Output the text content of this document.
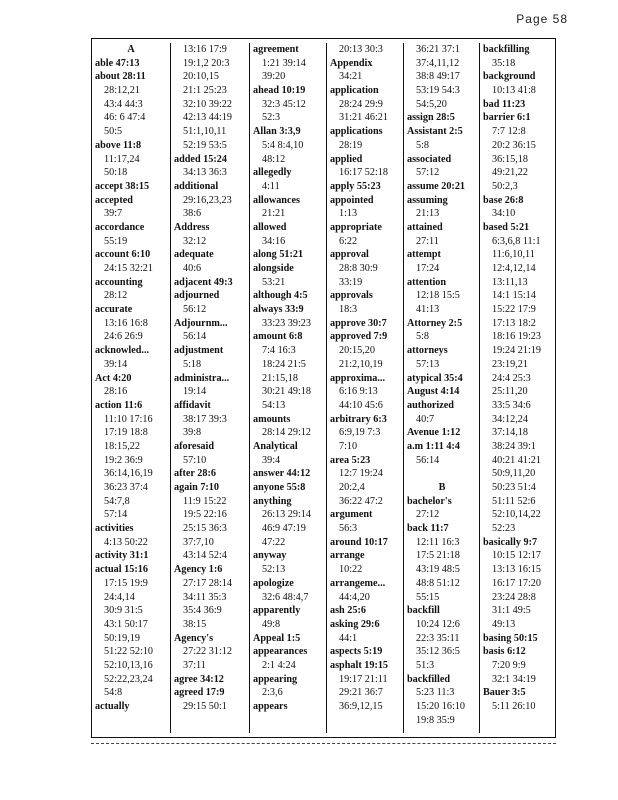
Page 58
A
able 47:13
about 28:11
28:12,21
43:4 44:3
46: 6 47:4
50:5
above 11:8
11:17,24
50:18
accept 38:15
accepted
39:7
accordance
55:19
account 6:10
24:15 32:21
accounting
28:12
accurate
13:16 16:8
24:6 26:9
acknowled...
39:14
Act 4:20
28:16
action 11:6
11:10 17:16
17:19 18:8
18:15,22
19:2 36:9
36:14,16,19
36:23 37:4
54:7,8
57:14
activities
4:13 50:22
activity 31:1
actual 15:16
17:15 19:9
24:4,14
30:9 31:5
43:1 50:17
50:19,19
51:22 52:10
52:10,13,16
52:22,23,24
54:8
actually
13:16 17:9
19:1,2 20:3
20:10,15
21:1 25:23
32:10 39:22
42:13 44:19
51:1,10,11
52:19 53:5
added 15:24
34:13 36:3
additional
29:16,23,23
38:6
Address
32:12
adequate
40:6
adjacent 49:3
adjourned
56:12
Adjournm...
56:14
adjustment
5:18
administra...
19:14
affidavit
38:17 39:3
39:8
aforesaid
57:10
after 28:6
again 7:10
11:9 15:22
19:5 22:16
25:15 36:3
37:7,10
43:14 52:4
Agency 1:6
27:17 28:14
34:11 35:3
35:4 36:9
38:15
Agency's
27:22 31:12
37:11
agree 34:12
agreed 17:9
29:15 50:1
agreement
1:21 39:14
39:20
ahead 10:19
32:3 45:12
52:3
Allan 3:3,9
5:4 8:4,10
48:12
allegedly
4:11
allowances
21:21
allowed
34:16
along 51:21
alongside
53:21
although 4:5
always 33:9
33:23 39:23
amount 6:8
7:4 16:3
18:24 21:5
21:15,18
30:21 49:18
54:13
amounts
28:14 29:12
Analytical
39:4
answer 44:12
anyone 55:8
anything
26:13 29:14
46:9 47:19
47:22
anyway
52:13
apologize
32:6 48:4,7
apparently
49:8
Appeal 1:5
appearances
2:1 4:24
appearing
2:3,6
appears
20:13 30:3
Appendix
34:21
application
28:24 29:9
31:21 46:21
applications
28:19
applied
16:17 52:18
apply 55:23
appointed
1:13
appropriate
6:22
approval
28:8 30:9
33:19
approvals
18:3
approve 30:7
approved 7:9
20:15,20
21:2,10,19
approxima...
6:16 9:13
44:10 45:6
arbitrary 6:3
6:9,19 7:3
7:10
area 5:23
12:7 19:24
20:2,4
36:22 47:2
argument
56:3
around 10:17
arrange
10:22
arrangeme...
44:4,20
ash 25:6
asking 29:6
44:1
aspects 5:19
asphalt 19:15
19:17 21:11
29:21 36:7
36:9,12,15
36:21 37:1
37:4,11,12
38:8 49:17
53:19 54:3
54:5,20
assign 28:5
Assistant 2:5
5:8
associated
57:12
assume 20:21
assuming
21:13
attained
27:11
attempt
17:24
attention
12:18 15:5
41:13
Attorney 2:5
5:8
attorneys
57:13
atypical 35:4
August 4:14
authorized
40:7
Avenue 1:12
a.m 1:11 4:4
56:14
B
bachelor's
27:12
back 11:7
12:11 16:3
17:5 21:18
43:19 48:5
48:8 51:12
55:15
backfill
10:24 12:6
22:3 35:11
35:12 36:5
51:3
backfilled
5:23 11:3
15:20 16:10
19:8 35:9
backfilling
35:18
background
10:13 41:8
bad 11:23
barrier 6:1
7:7 12:8
20:2 36:15
36:15,18
49:21,22
50:2,3
base 26:8
34:10
based 5:21
6:3,6,8 11:1
11:6,10,11
12:4,12,14
13:11,13
14:1 15:14
15:22 17:9
17:13 18:2
18:16 19:23
19:24 21:19
23:19,21
24:4 25:3
25:11,20
33:5 34:6
34:12,24
37:14,18
38:24 39:1
40:21 41:21
50:9,11,20
50:23 51:4
51:11 52:6
52:10,14,22
52:23
basically 9:7
10:15 12:17
13:13 16:15
16:17 17:20
23:24 28:8
31:1 49:5
49:13
basing 50:15
basis 6:12
7:20 9:9
32:1 34:19
Bauer 3:5
5:11 26:10
